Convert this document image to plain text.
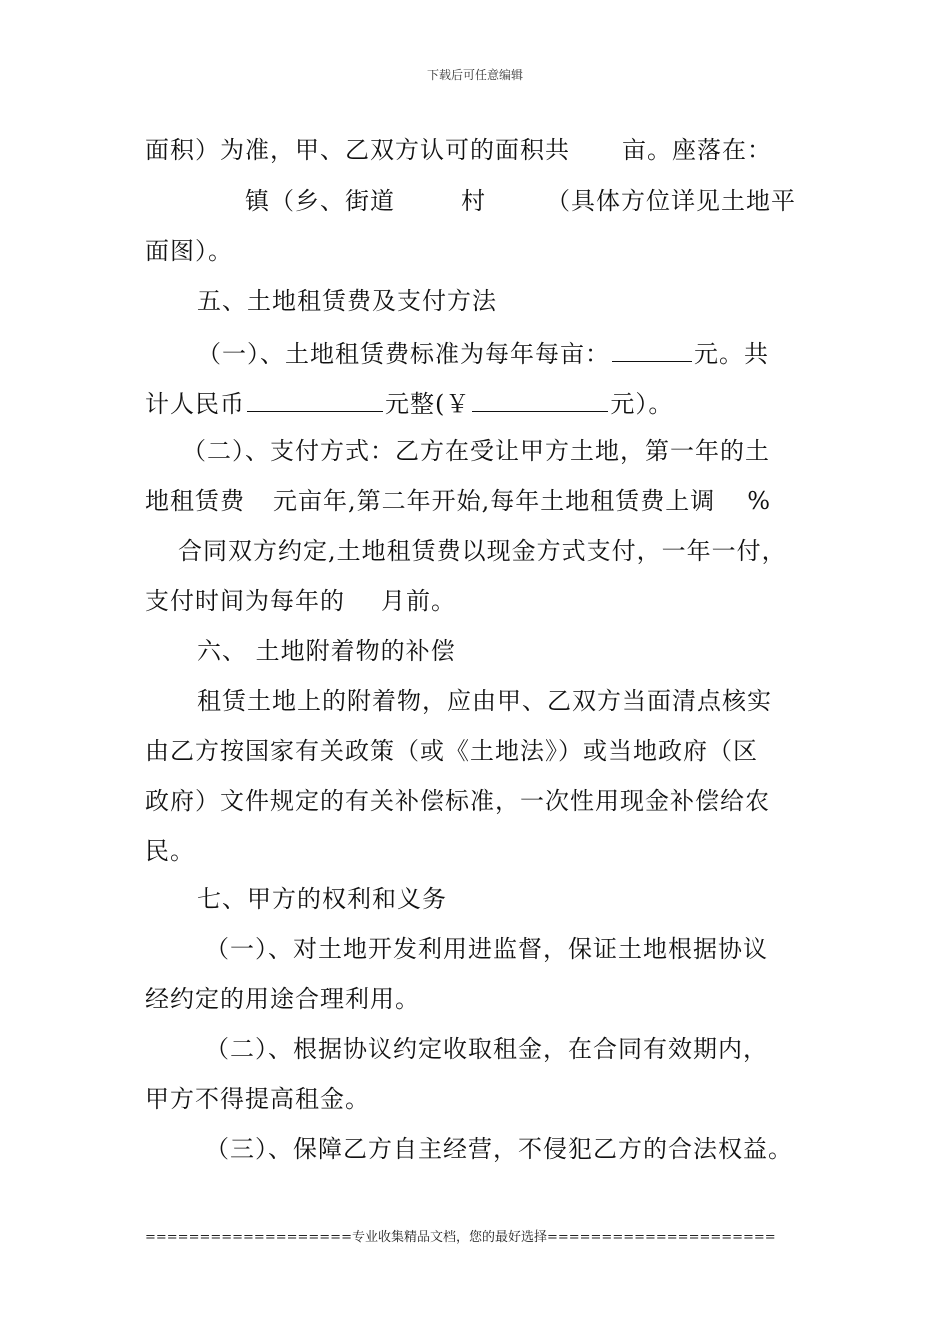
下载后可任意编辑
面积）为准，甲、乙双方认可的面积共 亩。座落在：
镇（乡、街道	村	（具体方位详见土地平
面图）。
五、土地租赁费及支付方法
（一）、土地租赁费标准为每年每亩：	元。共
计人民币	元整(￥	元）。
（二）、支付方式：乙方在受让甲方土地，第一年的土
地租赁费 元亩年,第二年开始,每年土地租赁费上调 %
合同双方约定,土地租赁费以现金方式支付，一年一付，
支付时间为每年的 月前。
六、 土地附着物的补偿
租赁土地上的附着物，应由甲、乙双方当面清点核实
由乙方按国家有关政策（或《土地法》）或当地政府（区
政府）文件规定的有关补偿标准，一次性用现金补偿给农
民。
七、甲方的权利和义务
（一）、对土地开发利用进监督，保证土地根据协议
经约定的用途合理利用。
（二）、根据协议约定收取租金，在合同有效期内，
甲方不得提高租金。
（三）、保障乙方自主经营，不侵犯乙方的合法权益。
===================专业收集精品文档，您的最好选择=====================
